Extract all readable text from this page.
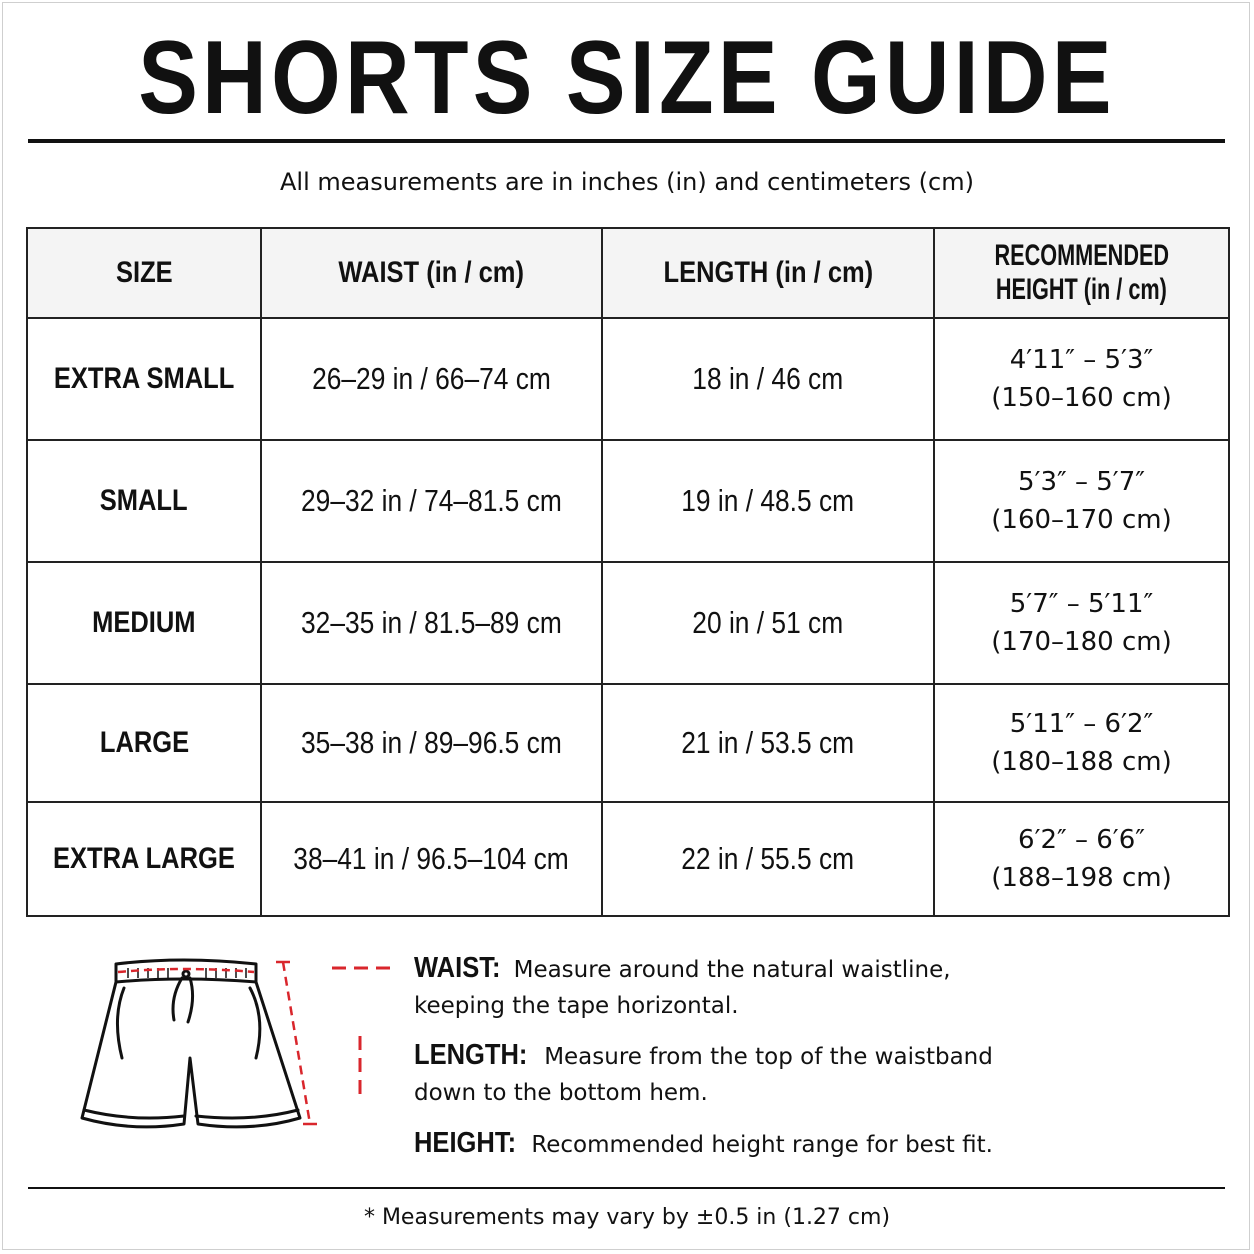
SHORTS SIZE GUIDE
All measurements are in inches (in) and centimeters (cm)
SIZE	WAIST (in / cm)	LENGTH (in / cm)	RECOMMENDED
HEIGHT (in / cm)

EXTRA SMALL	26–29 in / 66–74 cm	18 in / 46 cm	4′11″ – 5′3″
(150–160 cm)

SMALL	29–32 in / 74–81.5 cm	19 in / 48.5 cm	5′3″ – 5′7″
(160–170 cm)

MEDIUM	32–35 in / 81.5–89 cm	20 in / 51 cm	5′7″ – 5′11″
(170–180 cm)

LARGE	35–38 in / 89–96.5 cm	21 in / 53.5 cm	5′11″ – 6′2″
(180–188 cm)

EXTRA LARGE	38–41 in / 96.5–104 cm	22 in / 55.5 cm	6′2″ – 6′6″
(188–198 cm)
WAIST: Measure around the natural waistline,
keeping the tape horizontal.
LENGTH: Measure from the top of the waistband
down to the bottom hem.
HEIGHT: Recommended height range for best fit.
* Measurements may vary by ±0.5 in (1.27 cm)
